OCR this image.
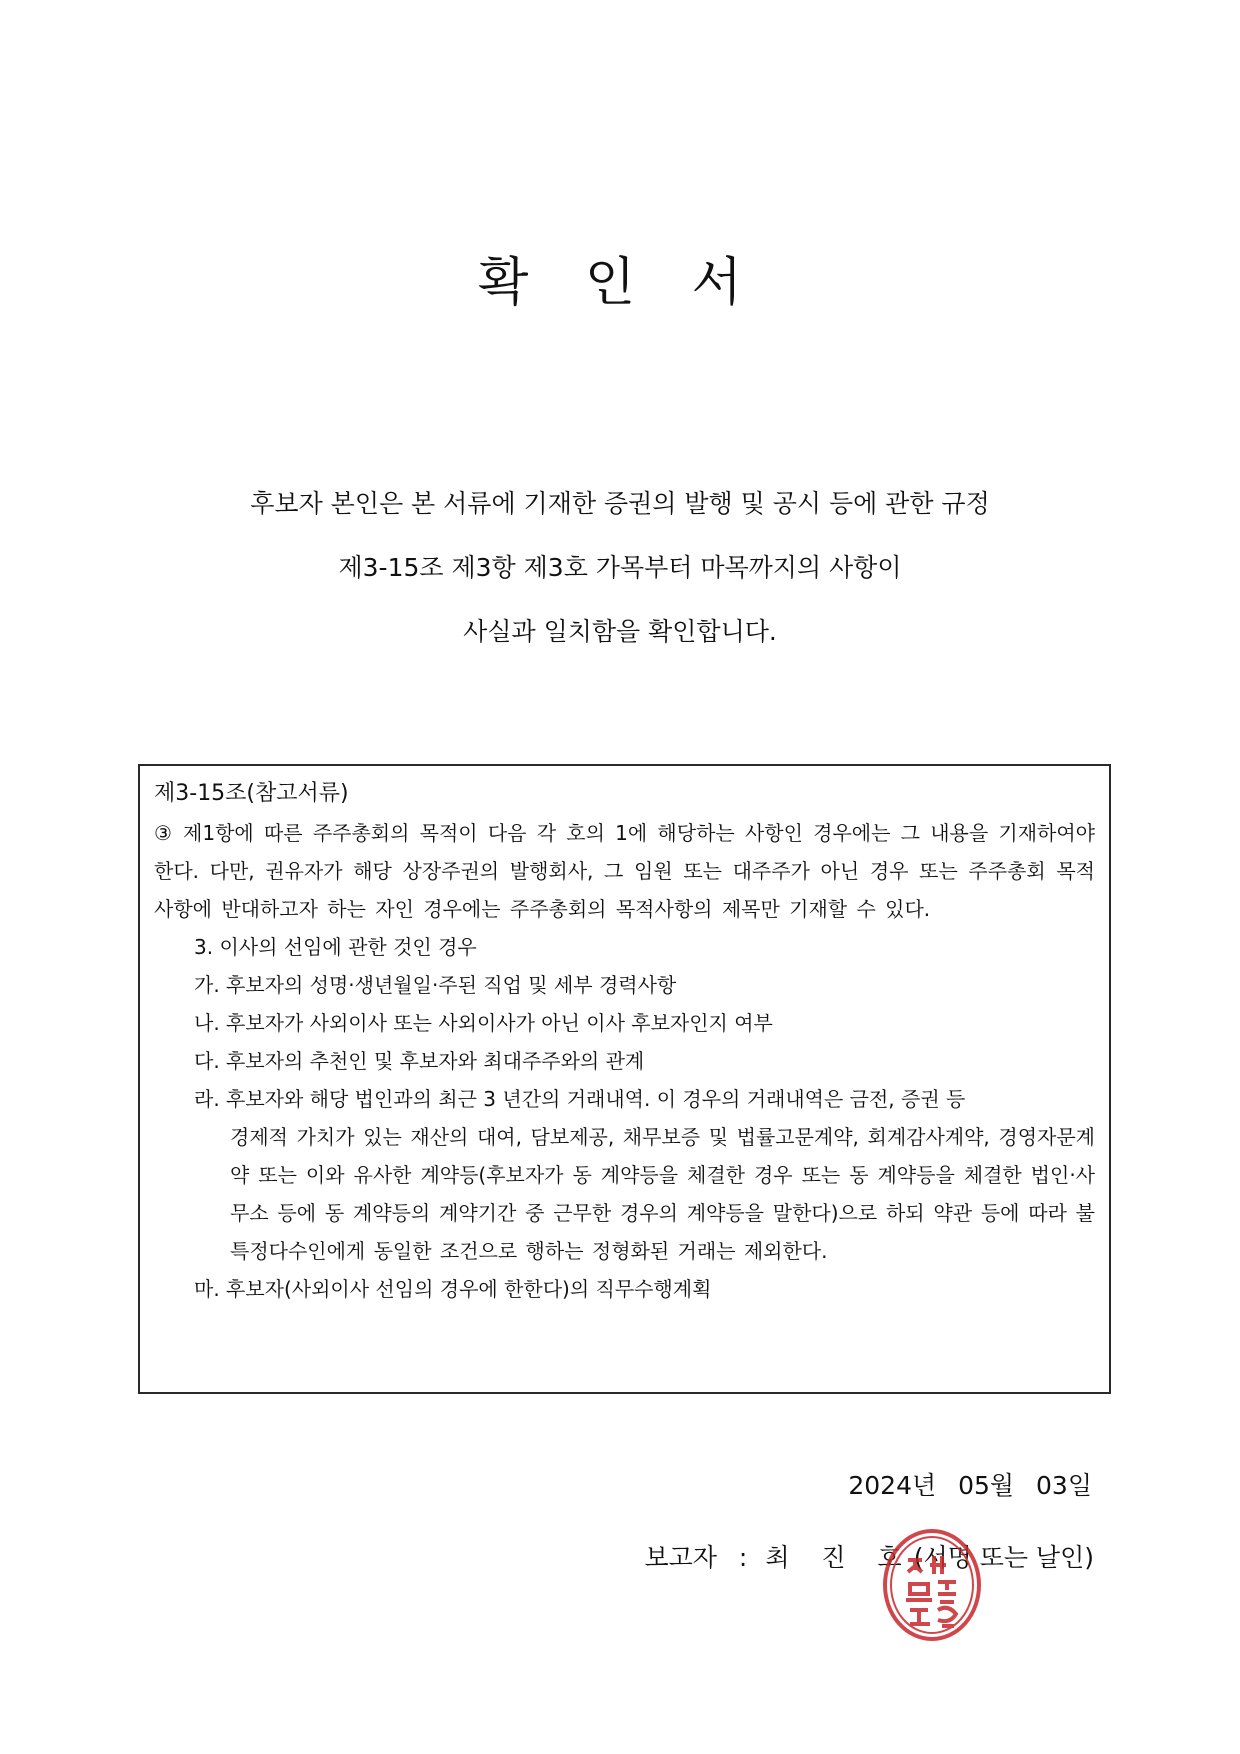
확 인 서
후보자 본인은 본 서류에 기재한 증권의 발행 및 공시 등에 관한 규정
제3-15조 제3항 제3호 가목부터 마목까지의 사항이
사실과 일치함을 확인합니다.
제3-15조(참고서류)
③ 제1항에 따른 주주총회의 목적이 다음 각 호의 1에 해당하는 사항인 경우에는 그 내용을 기재하여야 한다. 다만, 권유자가 해당 상장주권의 발행회사, 그 임원 또는 대주주가 아닌 경우 또는 주주총회 목적사항에 반대하고자 하는 자인 경우에는 주주총회의 목적사항의 제목만 기재할 수 있다.
3. 이사의 선임에 관한 것인 경우
가. 후보자의 성명·생년월일·주된 직업 및 세부 경력사항
나. 후보자가 사외이사 또는 사외이사가 아닌 이사 후보자인지 여부
다. 후보자의 추천인 및 후보자와 최대주주와의 관계
라. 후보자와 해당 법인과의 최근 3 년간의 거래내역. 이 경우의 거래내역은 금전, 증권 등
경제적 가치가 있는 재산의 대여, 담보제공, 채무보증 및 법률고문계약, 회계감사계약, 경영자문계약 또는 이와 유사한 계약등(후보자가 동 계약등을 체결한 경우 또는 동 계약등을 체결한 법인·사무소 등에 동 계약등의 계약기간 중 근무한 경우의 계약등을 말한다)으로 하되 약관 등에 따라 불특정다수인에게 동일한 조건으로 행하는 정형화된 거래는 제외한다.
마. 후보자(사외이사 선임의 경우에 한한다)의 직무수행계획
2024년 05월 03일
보고자 : 최 진 호(서명 또는 날인)
